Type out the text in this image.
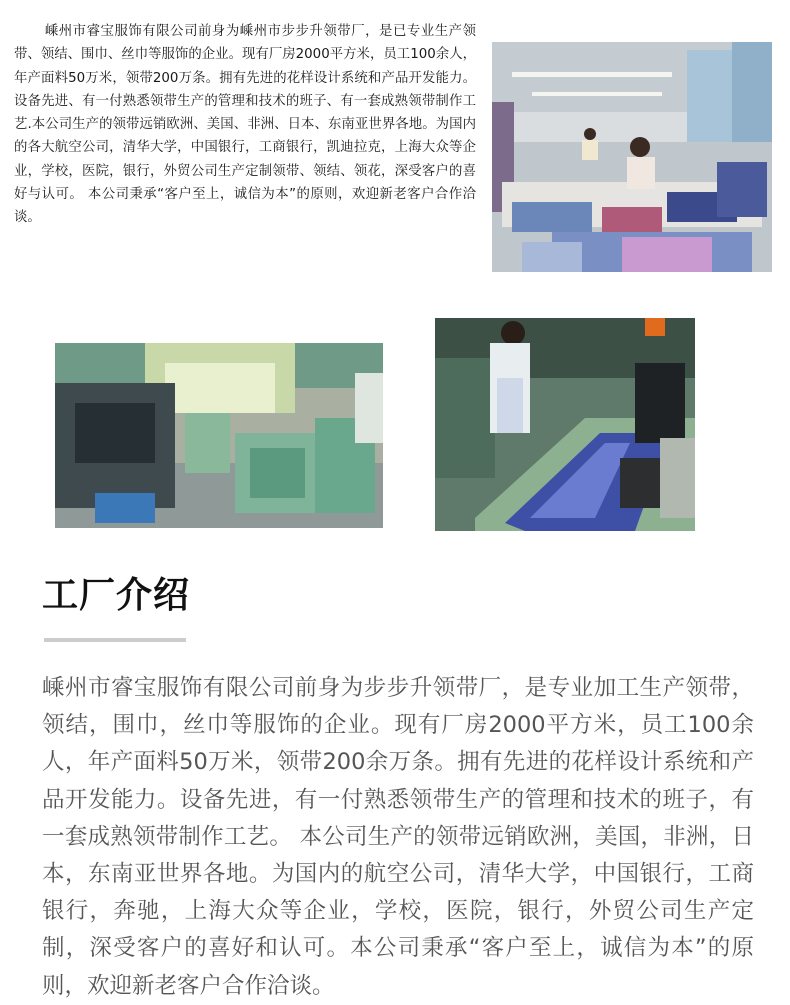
嵊州市睿宝服饰有限公司前身为嵊州市步步升领带厂，是已专业生产领带、领结、围巾、丝巾等服饰的企业。现有厂房2000平方米，员工100余人，年产面料50万米，领带200万条。拥有先进的花样设计系统和产品开发能力。设备先进、有一付熟悉领带生产的管理和技术的班子、有一套成熟领带制作工艺.本公司生产的领带远销欧洲、美国、非洲、日本、东南亚世界各地。为国内的各大航空公司，清华大学，中国银行，工商银行，凯迪拉克，上海大众等企业，学校，医院，银行，外贸公司生产定制领带、领结、领花，深受客户的喜好与认可。 本公司秉承“客户至上，诚信为本”的原则，欢迎新老客户合作洽谈。

工厂介绍

嵊州市睿宝服饰有限公司前身为步步升领带厂，是专业加工生产领带，领结，围巾，丝巾等服饰的企业。现有厂房2000平方米，员工100余人，年产面料50万米，领带200余万条。拥有先进的花样设计系统和产品开发能力。设备先进，有一付熟悉领带生产的管理和技术的班子，有一套成熟领带制作工艺。 本公司生产的领带远销欧洲，美国，非洲，日本，东南亚世界各地。为国内的航空公司，清华大学，中国银行，工商银行，奔驰，上海大众等企业，学校，医院，银行，外贸公司生产定制，深受客户的喜好和认可。本公司秉承“客户至上，诚信为本”的原则，欢迎新老客户合作洽谈。
